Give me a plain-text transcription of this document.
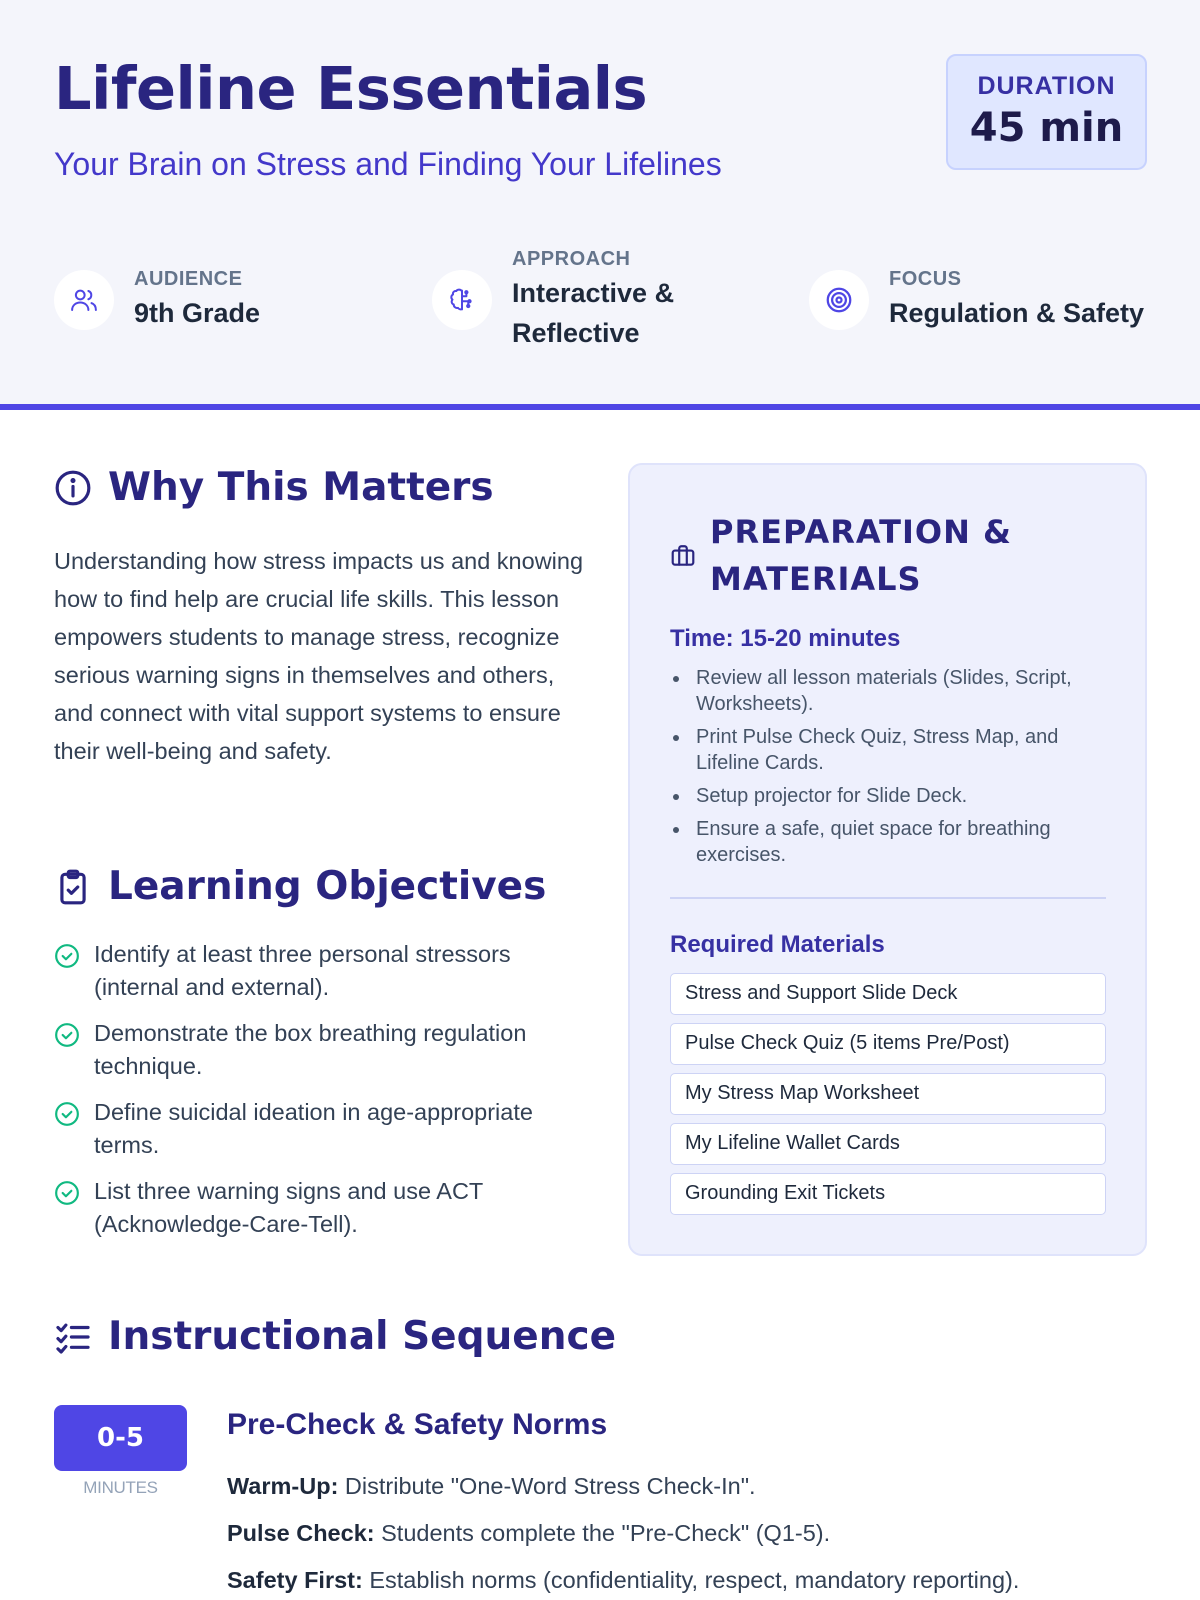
Lifeline Essentials
Your Brain on Stress and Finding Your Lifelines
DURATION
45 min
AUDIENCE
9th Grade
APPROACH
Interactive & Reflective
FOCUS
Regulation & Safety
Why This Matters

Understanding how stress impacts us and knowing how to find help are crucial life skills. This lesson empowers students to manage stress, recognize serious warning signs in themselves and others, and connect with vital support systems to ensure their well-being and safety.

Learning Objectives
Identify at least three personal stressors (internal and external).
Demonstrate the box breathing regulation technique.
Define suicidal ideation in age-appropriate terms.
List three warning signs and use ACT (Acknowledge-Care-Tell).
PREPARATION & MATERIALS
Time: 15-20 minutes
Review all lesson materials (Slides, Script, Worksheets).
Print Pulse Check Quiz, Stress Map, and Lifeline Cards.
Setup projector for Slide Deck.
Ensure a safe, quiet space for breathing exercises.
Required Materials
Stress and Support Slide Deck
Pulse Check Quiz (5 items Pre/Post)
My Stress Map Worksheet
My Lifeline Wallet Cards
Grounding Exit Tickets
Instructional Sequence
0-5
MINUTES
Pre-Check & Safety Norms
Warm-Up: Distribute "One-Word Stress Check-In".
Pulse Check: Students complete the "Pre-Check" (Q1-5).
Safety First: Establish norms (confidentiality, respect, mandatory reporting).
